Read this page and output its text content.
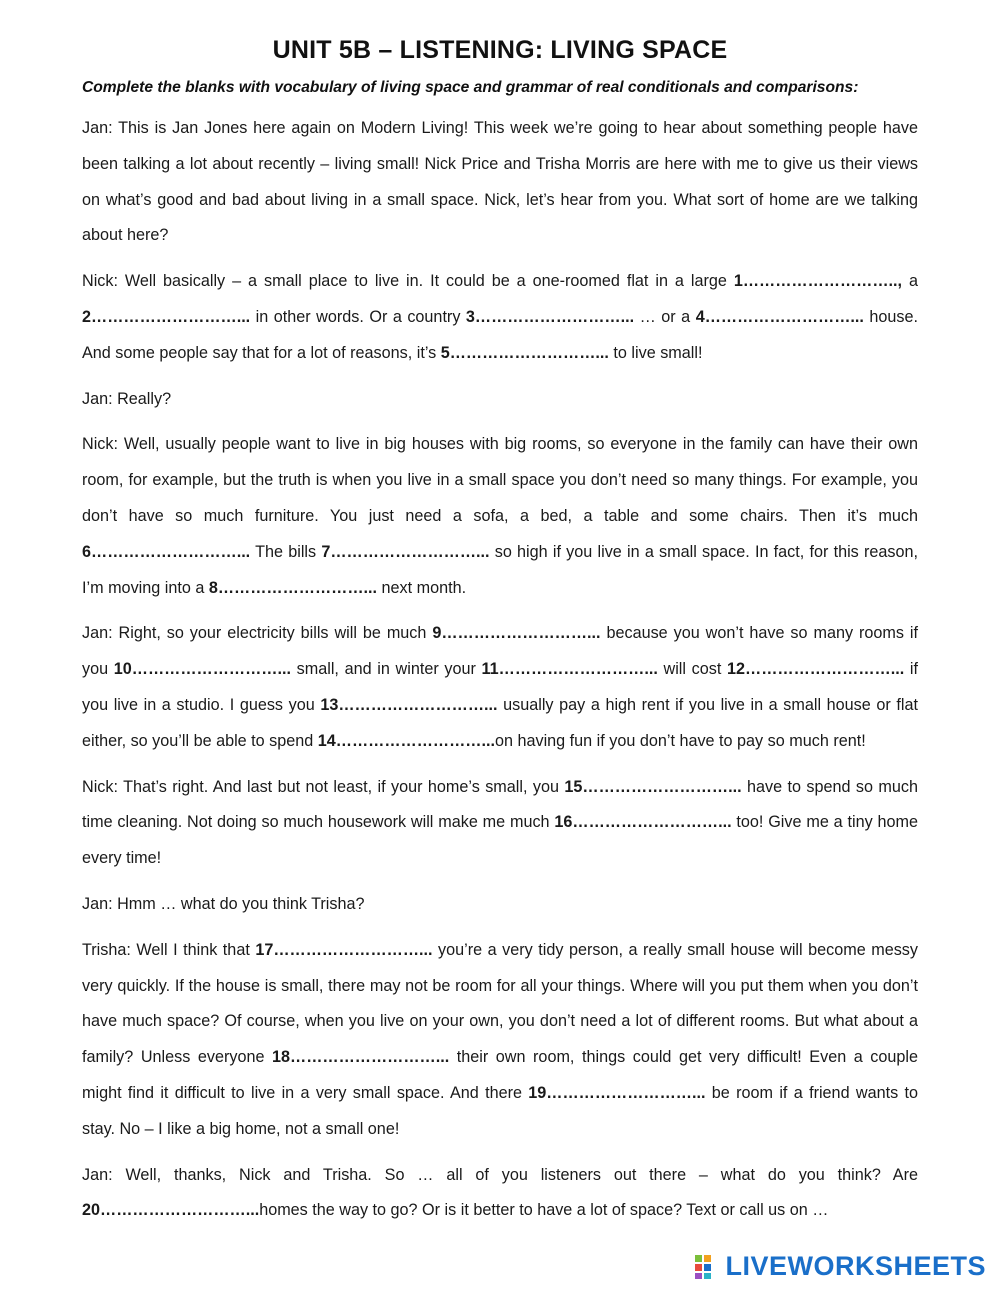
UNIT 5B – LISTENING: LIVING SPACE
Complete the blanks with vocabulary of living space and grammar of real conditionals and comparisons:

Jan: This is Jan Jones here again on Modern Living! This week we’re going to hear about something people have been talking a lot about recently – living small! Nick Price and Trisha Morris are here with me to give us their views on what’s good and bad about living in a small space. Nick, let’s hear from you. What sort of home are we talking about here?

Nick: Well basically – a small place to live in. It could be a one-roomed flat in a large 1……………………….., a 2………………………... in other words. Or a country 3………………………... … or a 4………………………... house. And some people say that for a lot of reasons, it’s 5………………………... to live small!

Jan: Really?

Nick: Well, usually people want to live in big houses with big rooms, so everyone in the family can have their own room, for example, but the truth is when you live in a small space you don’t need so many things. For example, you don’t have so much furniture. You just need a sofa, a bed, a table and some chairs. Then it’s much 6………………………... The bills 7………………………... so high if you live in a small space. In fact, for this reason, I’m moving into a 8………………………... next month.

Jan: Right, so your electricity bills will be much 9………………………... because you won’t have so many rooms if you 10………………………... small, and in winter your 11………………………... will cost 12………………………... if you live in a studio. I guess you 13………………………... usually pay a high rent if you live in a small house or flat either, so you’ll be able to spend 14………………………...on having fun if you don’t have to pay so much rent!

Nick: That’s right. And last but not least, if your home’s small, you 15………………………... have to spend so much time cleaning. Not doing so much housework will make me much 16………………………... too! Give me a tiny home every time!

Jan: Hmm … what do you think Trisha?

Trisha: Well I think that 17………………………... you’re a very tidy person, a really small house will become messy very quickly. If the house is small, there may not be room for all your things. Where will you put them when you don’t have much space? Of course, when you live on your own, you don’t need a lot of different rooms. But what about a family? Unless everyone 18………………………... their own room, things could get very difficult! Even a couple might find it difficult to live in a very small space. And there 19………………………... be room if a friend wants to stay. No – I like a big home, not a small one!

Jan: Well, thanks, Nick and Trisha. So … all of you listeners out there – what do you think? Are 20………………………...homes the way to go? Or is it better to have a lot of space? Text or call us on …

LIVEWORKSHEETS
